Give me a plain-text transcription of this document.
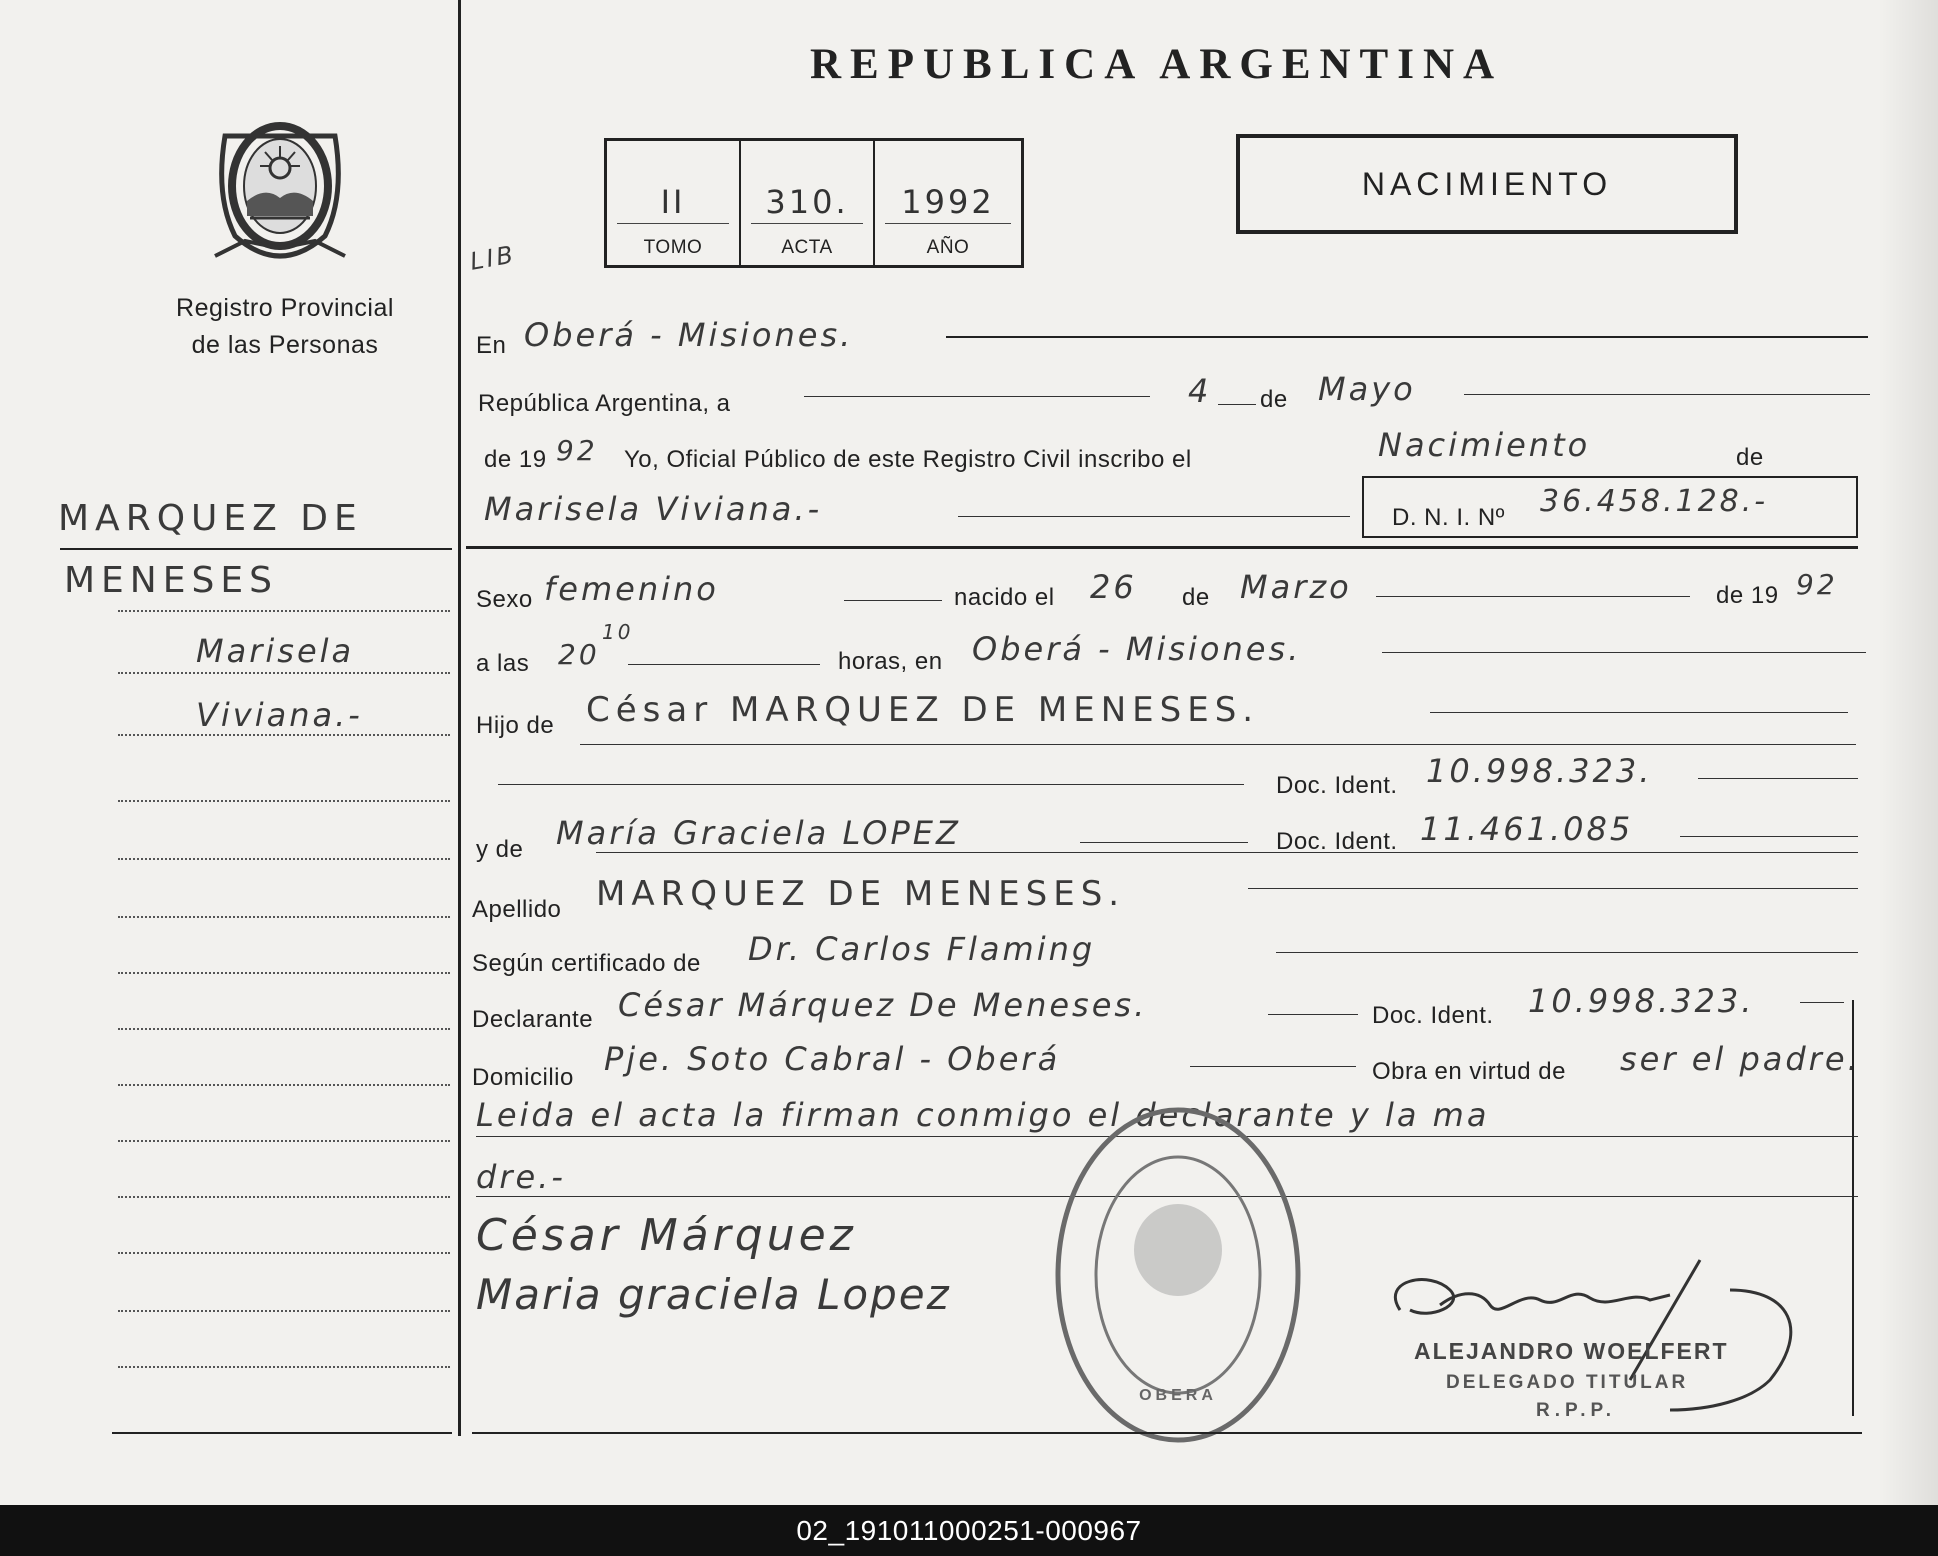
Registro Provincial
de las Personas
MARQUEZ DE
MENESES
Marisela
Viviana.-
REPUBLICA ARGENTINA
II
TOMO
310.
ACTA
1992
AÑO
LIB
NACIMIENTO
En Oberá - Misiones.
República Argentina, a	4 de Mayo
de 19 92 Yo, Oficial Público de este Registro Civil inscribo el	Nacimiento	de
Marisela Viviana.-	D. N. I. Nº 36.458.128.-
Sexo femenino	nacido el 26 de Marzo	de 19 92
a las 20
10
horas, en Oberá - Misiones.
Hijo de César MARQUEZ DE MENESES.
Doc. Ident. 10.998.323.
y de María Graciela LOPEZ	Doc. Ident. 11.461.085
Apellido MARQUEZ DE MENESES.
Según certificado de Dr. Carlos Flaming
Declarante César Márquez De Meneses.	Doc. Ident. 10.998.323.
Domicilio Pje. Soto Cabral - Oberá	Obra en virtud de ser el padre.
Leida el acta la firman conmigo el declarante y la ma
dre.-
César Márquez
Maria graciela Lopez
OBERA
ALEJANDRO WOELFERT
DELEGADO TITULAR
R.P.P.
02_191011000251-000967
